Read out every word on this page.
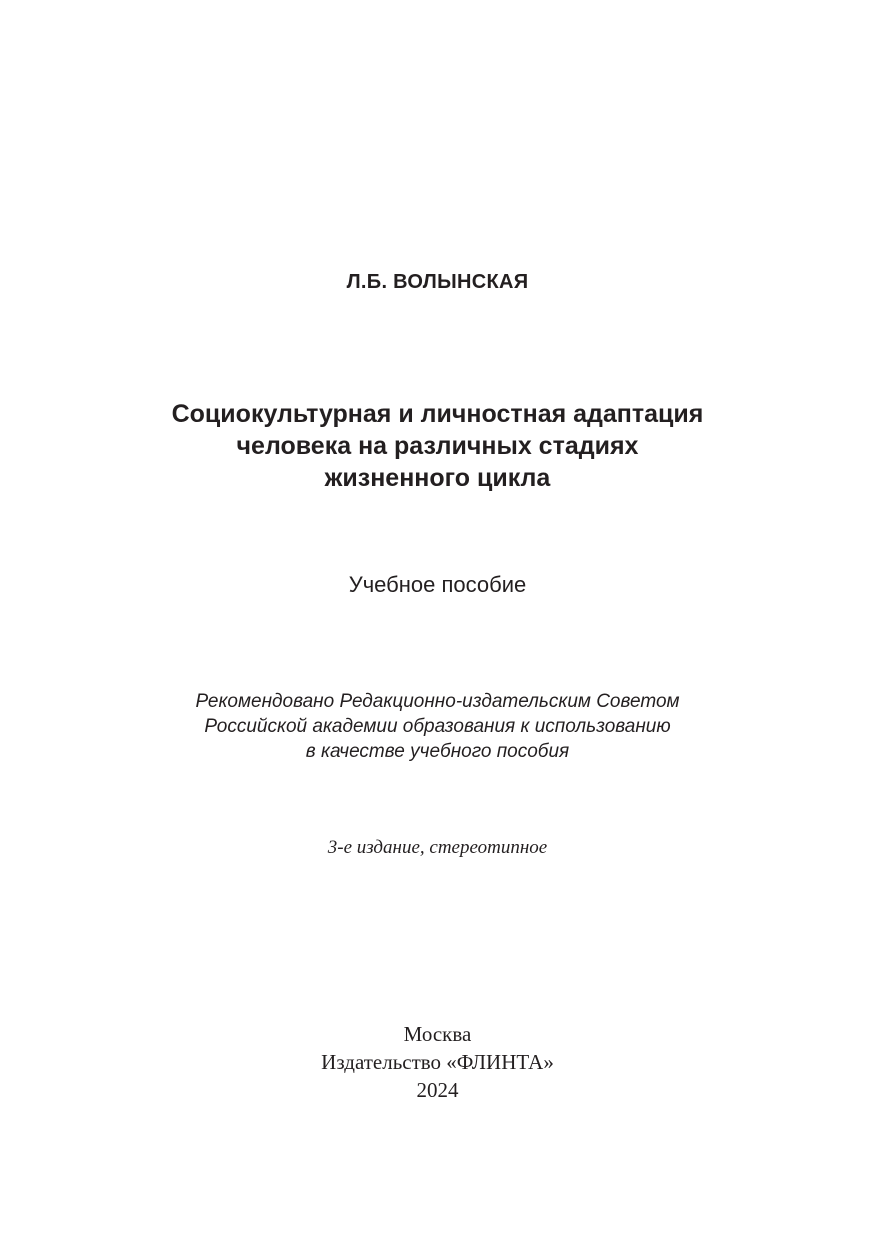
Л.Б. ВОЛЫНСКАЯ
Социокультурная и личностная адаптация
человека на различных стадиях
жизненного цикла
Учебное пособие
Рекомендовано Редакционно-издательским Советом
Российской академии образования к использованию
в качестве учебного пособия
3-е издание, стереотипное
Москва
Издательство «ФЛИНТА»
2024
